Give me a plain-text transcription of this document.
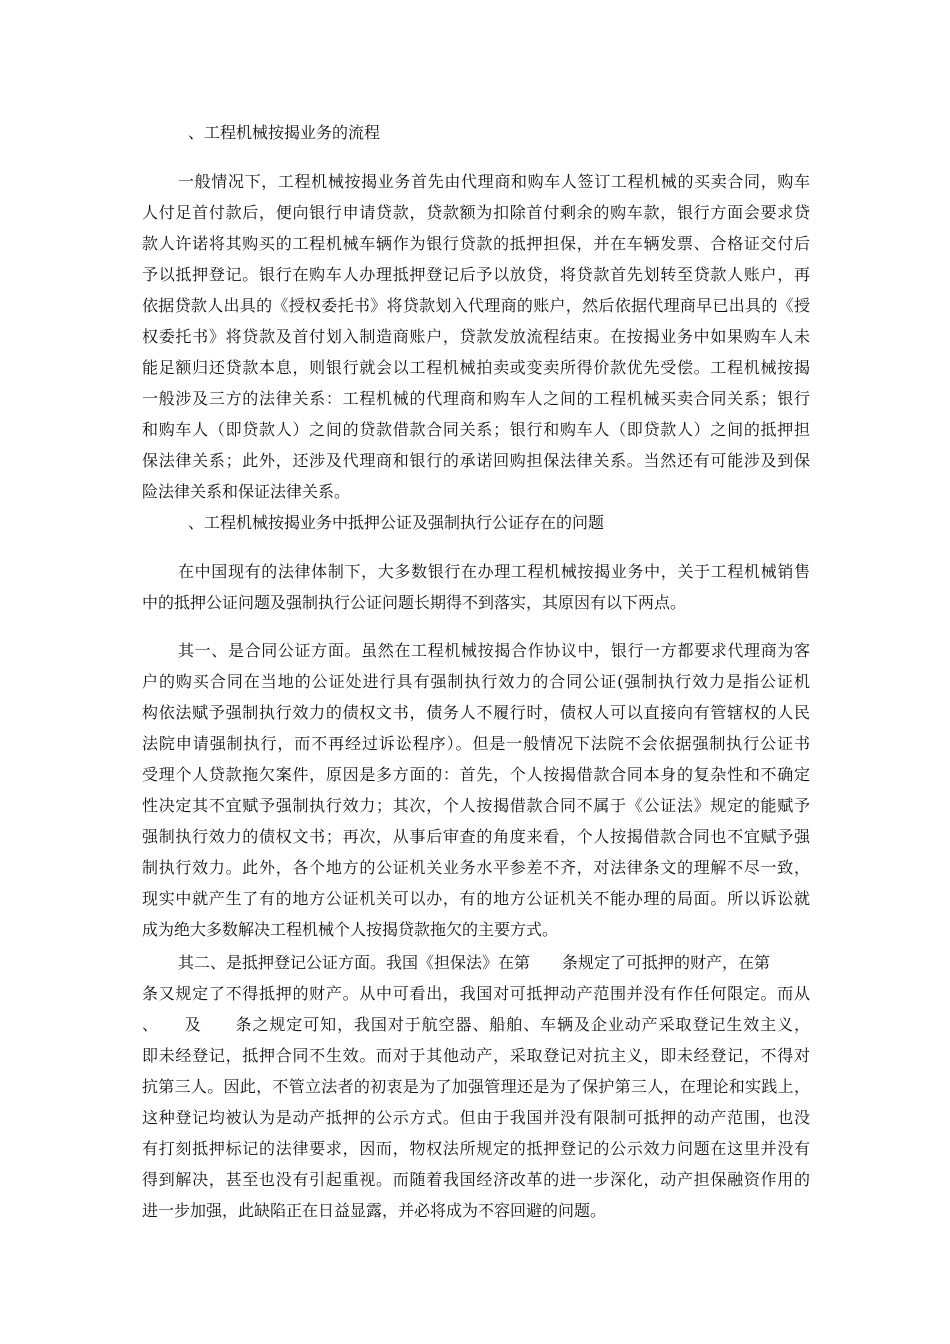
、工程机械按揭业务的流程
一般情况下，工程机械按揭业务首先由代理商和购车人签订工程机械的买卖合同，购车
人付足首付款后，便向银行申请贷款，贷款额为扣除首付剩余的购车款，银行方面会要求贷
款人许诺将其购买的工程机械车辆作为银行贷款的抵押担保，并在车辆发票、合格证交付后
予以抵押登记。银行在购车人办理抵押登记后予以放贷，将贷款首先划转至贷款人账户，再
依据贷款人出具的《授权委托书》将贷款划入代理商的账户，然后依据代理商早已出具的《授
权委托书》将贷款及首付划入制造商账户，贷款发放流程结束。在按揭业务中如果购车人未
能足额归还贷款本息，则银行就会以工程机械拍卖或变卖所得价款优先受偿。工程机械按揭
一般涉及三方的法律关系：工程机械的代理商和购车人之间的工程机械买卖合同关系；银行
和购车人（即贷款人）之间的贷款借款合同关系；银行和购车人（即贷款人）之间的抵押担
保法律关系；此外，还涉及代理商和银行的承诺回购担保法律关系。当然还有可能涉及到保
险法律关系和保证法律关系。
、工程机械按揭业务中抵押公证及强制执行公证存在的问题
在中国现有的法律体制下，大多数银行在办理工程机械按揭业务中，关于工程机械销售
中的抵押公证问题及强制执行公证问题长期得不到落实，其原因有以下两点。
其一、是合同公证方面。虽然在工程机械按揭合作协议中，银行一方都要求代理商为客
户的购买合同在当地的公证处进行具有强制执行效力的合同公证(强制执行效力是指公证机
构依法赋予强制执行效力的债权文书，债务人不履行时，债权人可以直接向有管辖权的人民
法院申请强制执行，而不再经过诉讼程序）。但是一般情况下法院不会依据强制执行公证书
受理个人贷款拖欠案件，原因是多方面的：首先，个人按揭借款合同本身的复杂性和不确定
性决定其不宜赋予强制执行效力；其次，个人按揭借款合同不属于《公证法》规定的能赋予
强制执行效力的债权文书；再次，从事后审查的角度来看，个人按揭借款合同也不宜赋予强
制执行效力。此外，各个地方的公证机关业务水平参差不齐，对法律条文的理解不尽一致，
现实中就产生了有的地方公证机关可以办，有的地方公证机关不能办理的局面。所以诉讼就
成为绝大多数解决工程机械个人按揭贷款拖欠的主要方式。
其二、是抵押登记公证方面。我国《担保法》在第　　条规定了可抵押的财产，在第
条又规定了不得抵押的财产。从中可看出，我国对可抵押动产范围并没有作任何限定。而从
、　　及　　条之规定可知，我国对于航空器、船舶、车辆及企业动产采取登记生效主义，
即未经登记，抵押合同不生效。而对于其他动产，采取登记对抗主义，即未经登记，不得对
抗第三人。因此，不管立法者的初衷是为了加强管理还是为了保护第三人，在理论和实践上，
这种登记均被认为是动产抵押的公示方式。但由于我国并没有限制可抵押的动产范围，也没
有打刻抵押标记的法律要求，因而，物权法所规定的抵押登记的公示效力问题在这里并没有
得到解决，甚至也没有引起重视。而随着我国经济改革的进一步深化，动产担保融资作用的
进一步加强，此缺陷正在日益显露，并必将成为不容回避的问题。
